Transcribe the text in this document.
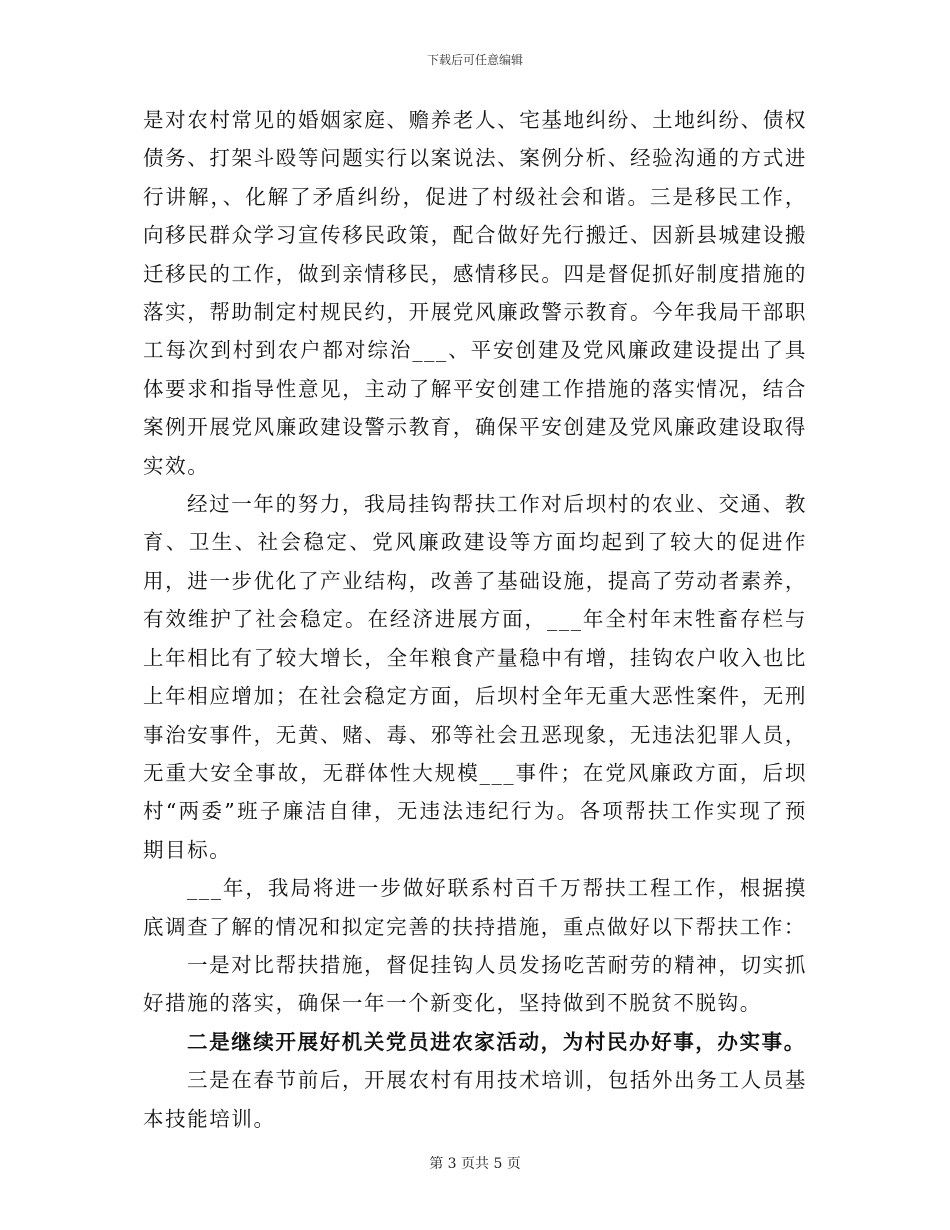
下载后可任意编辑

是对农村常见的婚姻家庭、赡养老人、宅基地纠纷、土地纠纷、债权债务、打架斗殴等问题实行以案说法、案例分析、经验沟通的方式进行讲解，、化解了矛盾纠纷，促进了村级社会和谐。三是移民工作，向移民群众学习宣传移民政策，配合做好先行搬迁、因新县城建设搬迁移民的工作，做到亲情移民，感情移民。四是督促抓好制度措施的落实，帮助制定村规民约，开展党风廉政警示教育。今年我局干部职工每次到村到农户都对综治___、平安创建及党风廉政建设提出了具体要求和指导性意见，主动了解平安创建工作措施的落实情况，结合案例开展党风廉政建设警示教育，确保平安创建及党风廉政建设取得实效。

经过一年的努力，我局挂钩帮扶工作对后坝村的农业、交通、教育、卫生、社会稳定、党风廉政建设等方面均起到了较大的促进作用，进一步优化了产业结构，改善了基础设施，提高了劳动者素养，有效维护了社会稳定。在经济进展方面，___年全村年末牲畜存栏与上年相比有了较大增长，全年粮食产量稳中有增，挂钩农户收入也比上年相应增加；在社会稳定方面，后坝村全年无重大恶性案件，无刑事治安事件，无黄、赌、毒、邪等社会丑恶现象，无违法犯罪人员，无重大安全事故，无群体性大规模___事件；在党风廉政方面，后坝村“两委”班子廉洁自律，无违法违纪行为。各项帮扶工作实现了预期目标。

___年，我局将进一步做好联系村百千万帮扶工程工作，根据摸底调查了解的情况和拟定完善的扶持措施，重点做好以下帮扶工作：

一是对比帮扶措施，督促挂钩人员发扬吃苦耐劳的精神，切实抓好措施的落实，确保一年一个新变化，坚持做到不脱贫不脱钩。

二是继续开展好机关党员进农家活动，为村民办好事，办实事。

三是在春节前后，开展农村有用技术培训，包括外出务工人员基本技能培训。

第 3 页共 5 页
